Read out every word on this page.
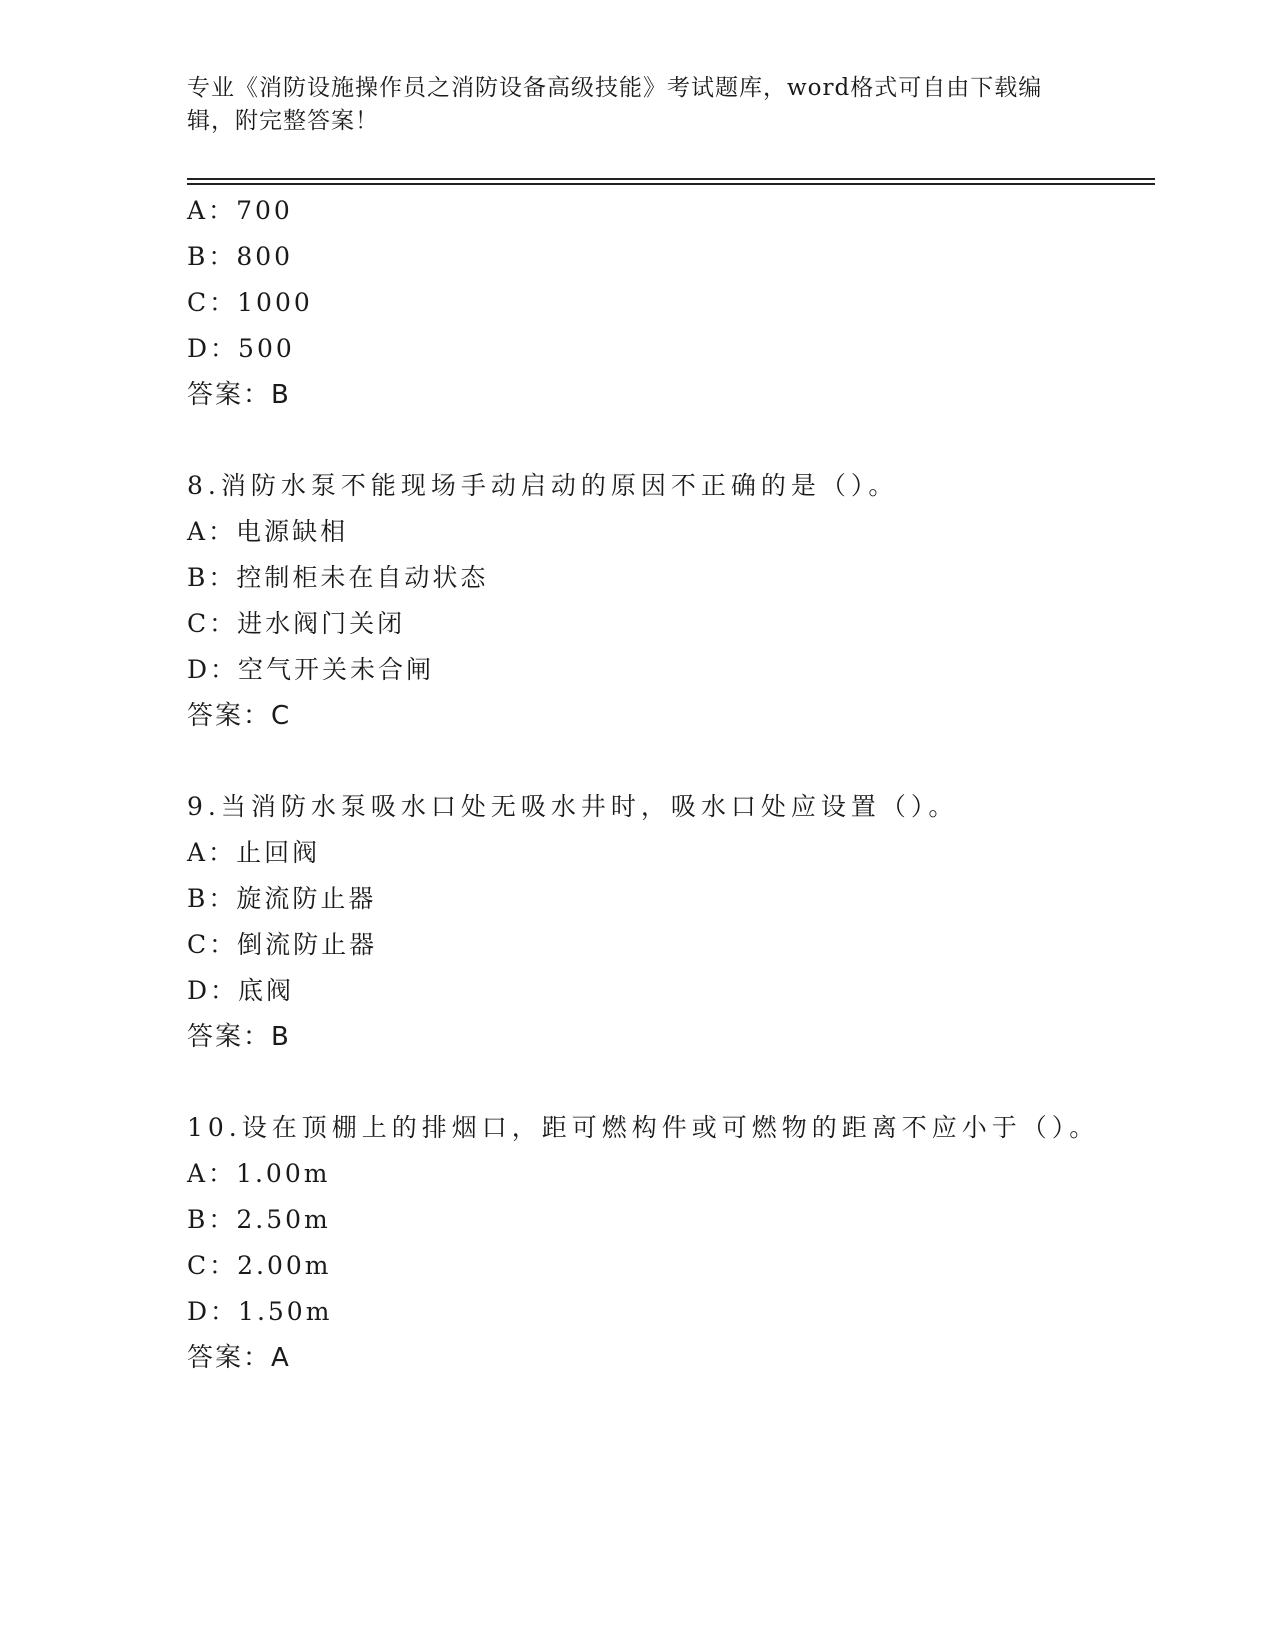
专业《消防设施操作员之消防设备高级技能》考试题库，word格式可自由下载编
辑，附完整答案！
A：700
B：800
C：1000
D：500
答案：B
8.消防水泵不能现场手动启动的原因不正确的是（）。
A：电源缺相
B：控制柜未在自动状态
C：进水阀门关闭
D：空气开关未合闸
答案：C
9.当消防水泵吸水口处无吸水井时，吸水口处应设置（）。
A：止回阀
B：旋流防止器
C：倒流防止器
D：底阀
答案：B
10.设在顶棚上的排烟口，距可燃构件或可燃物的距离不应小于（）。
A：1.00m
B：2.50m
C：2.00m
D：1.50m
答案：A
